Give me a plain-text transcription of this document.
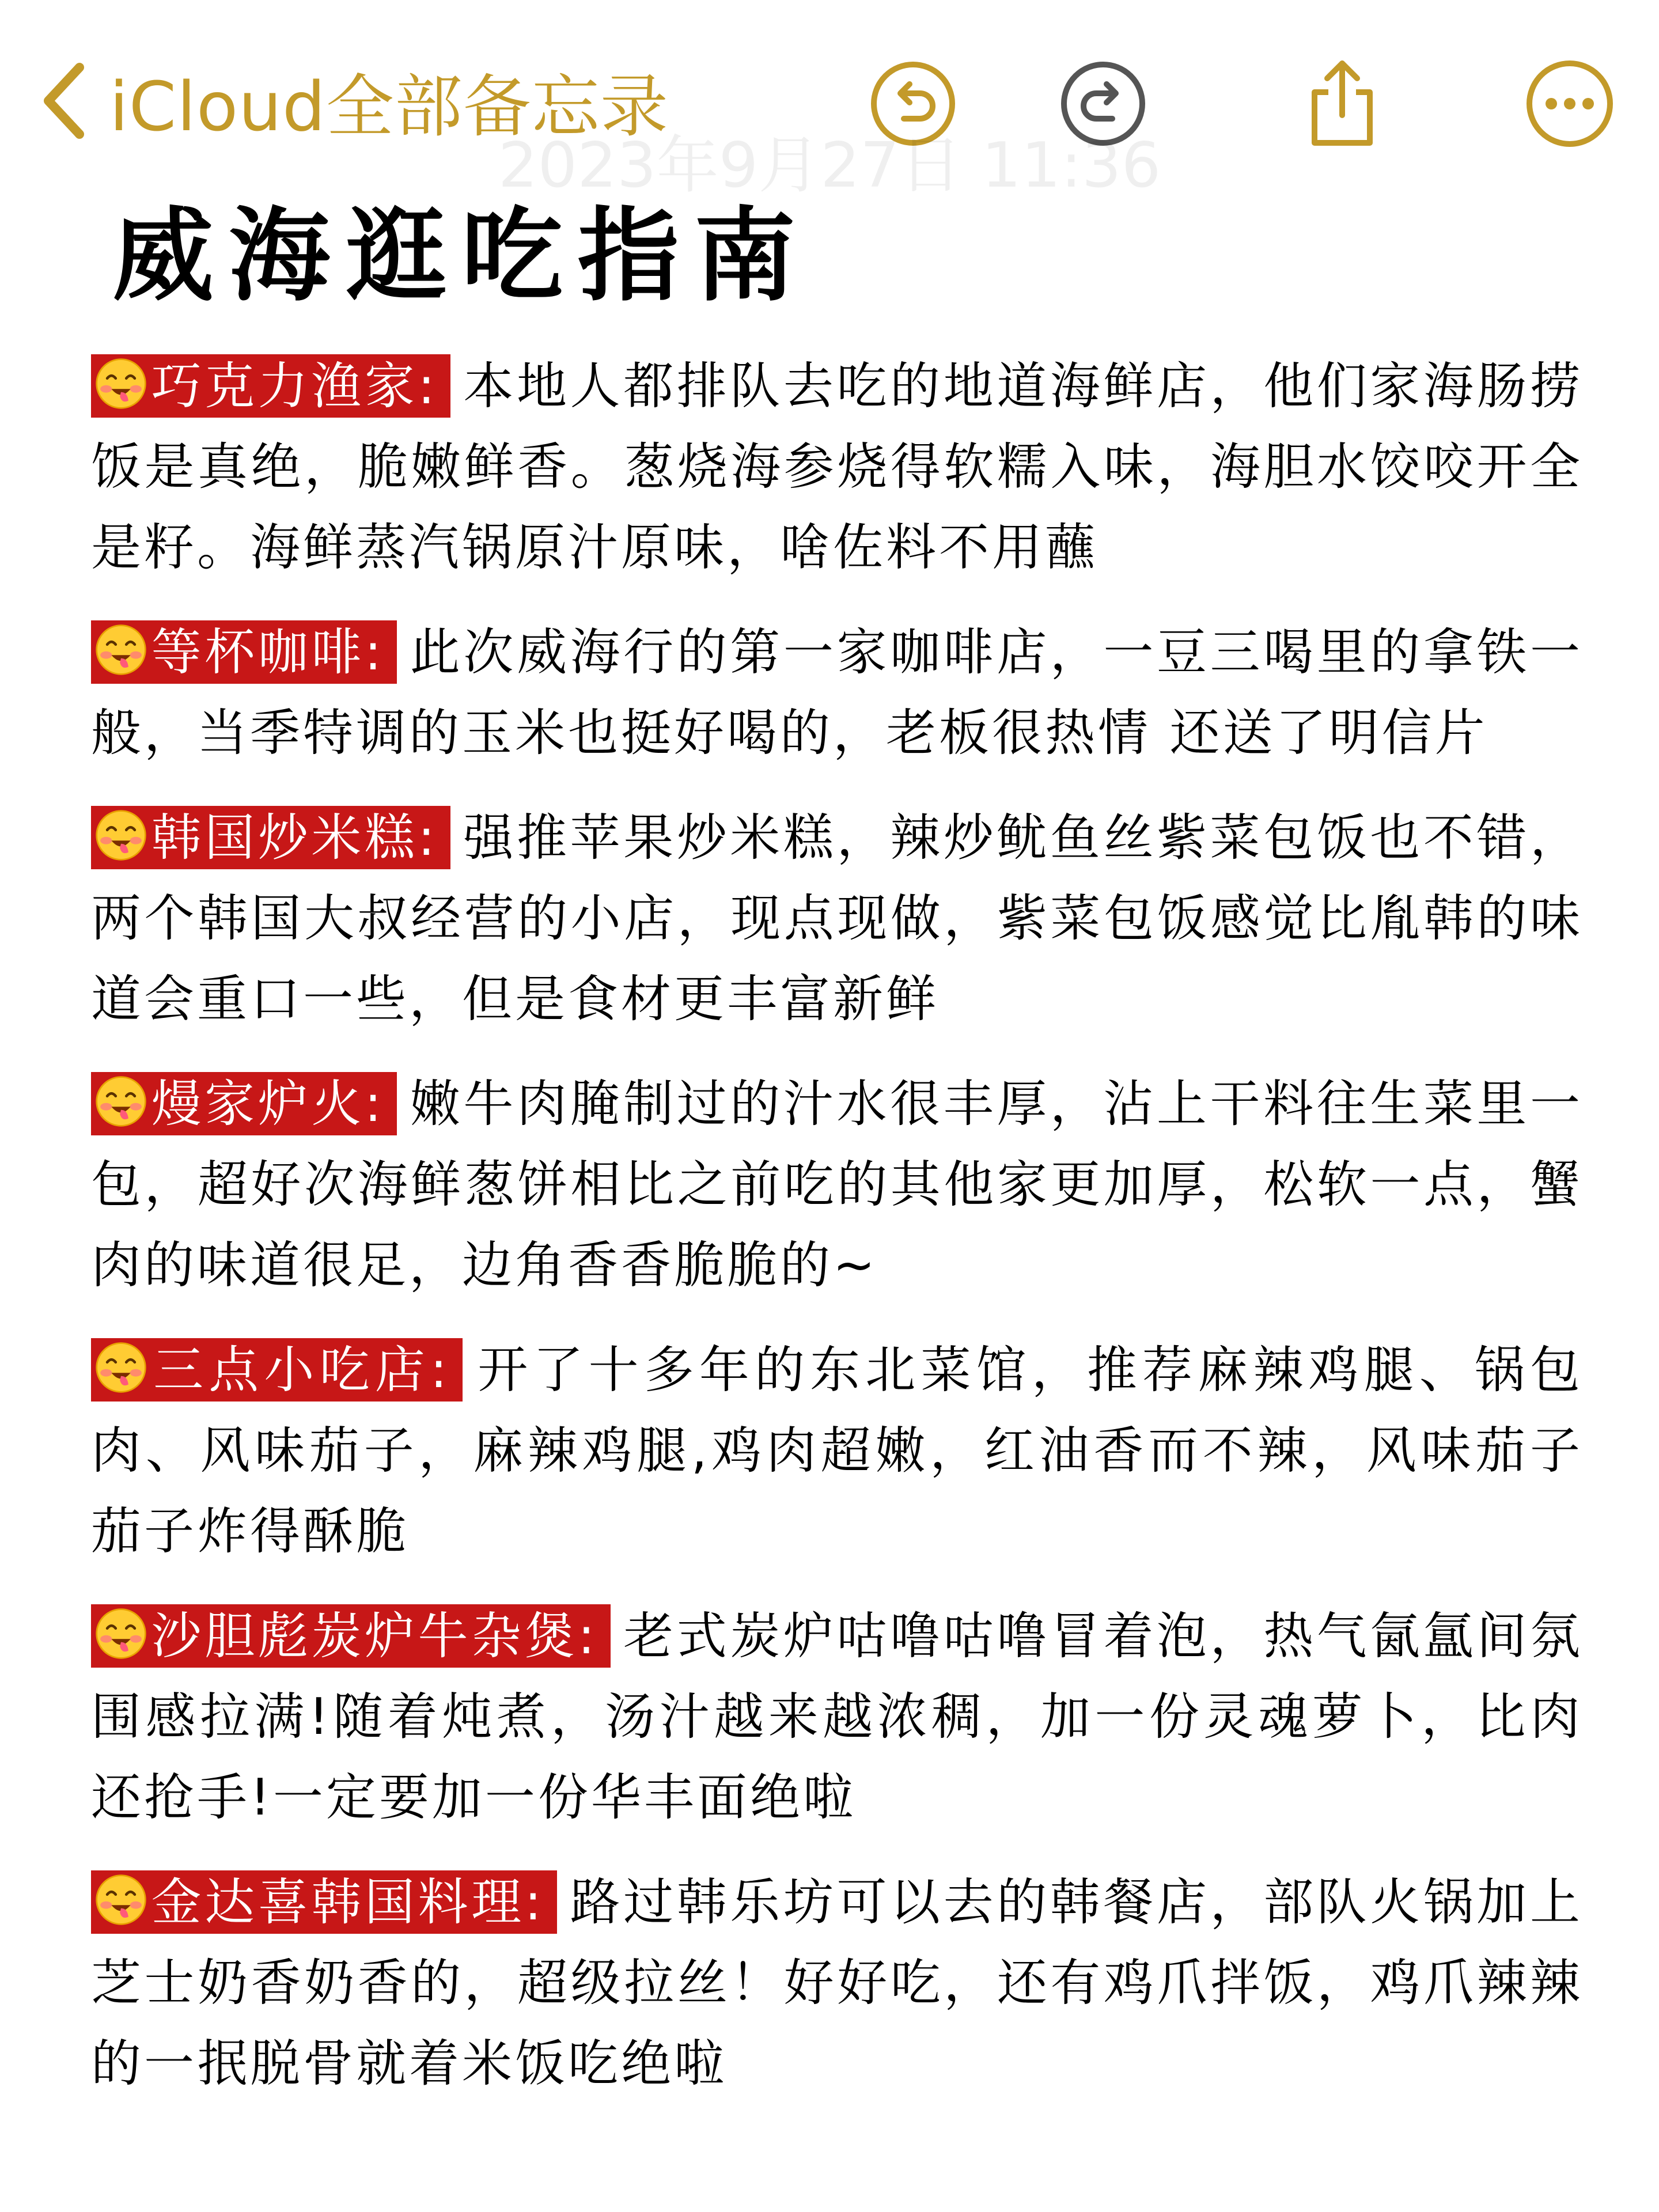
iCloud全部备忘录
2023年9月27日 11:36
威海逛吃指南

巧克力渔家: 本地人都排队去吃的地道海鲜店，他们家海肠捞饭是真绝，脆嫩鲜香。葱烧海参烧得软糯入味，海胆水饺咬开全是籽。海鲜蒸汽锅原汁原味，啥佐料不用蘸

等杯咖啡: 此次威海行的第一家咖啡店，一豆三喝里的拿铁一般，当季特调的玉米也挺好喝的，老板很热情 还送了明信片

韩国炒米糕: 强推苹果炒米糕，辣炒鱿鱼丝紫菜包饭也不错，两个韩国大叔经营的小店，现点现做，紫菜包饭感觉比胤韩的味道会重口一些，但是食材更丰富新鲜

熳家炉火: 嫩牛肉腌制过的汁水很丰厚，沾上干料往生菜里一包，超好次海鲜葱饼相比之前吃的其他家更加厚，松软一点，蟹肉的味道很足，边角香香脆脆的~

三点小吃店: 开了十多年的东北菜馆，推荐麻辣鸡腿、锅包肉、风味茄子，麻辣鸡腿,鸡肉超嫩，红油香而不辣，风味茄子茄子炸得酥脆

沙胆彪炭炉牛杂煲: 老式炭炉咕噜咕噜冒着泡，热气氤氲间氛围感拉满!随着炖煮，汤汁越来越浓稠，加一份灵魂萝卜，比肉还抢手!一定要加一份华丰面绝啦

金达喜韩国料理: 路过韩乐坊可以去的韩餐店，部队火锅加上芝士奶香奶香的，超级拉丝！好好吃，还有鸡爪拌饭，鸡爪辣辣的一抿脱骨就着米饭吃绝啦
